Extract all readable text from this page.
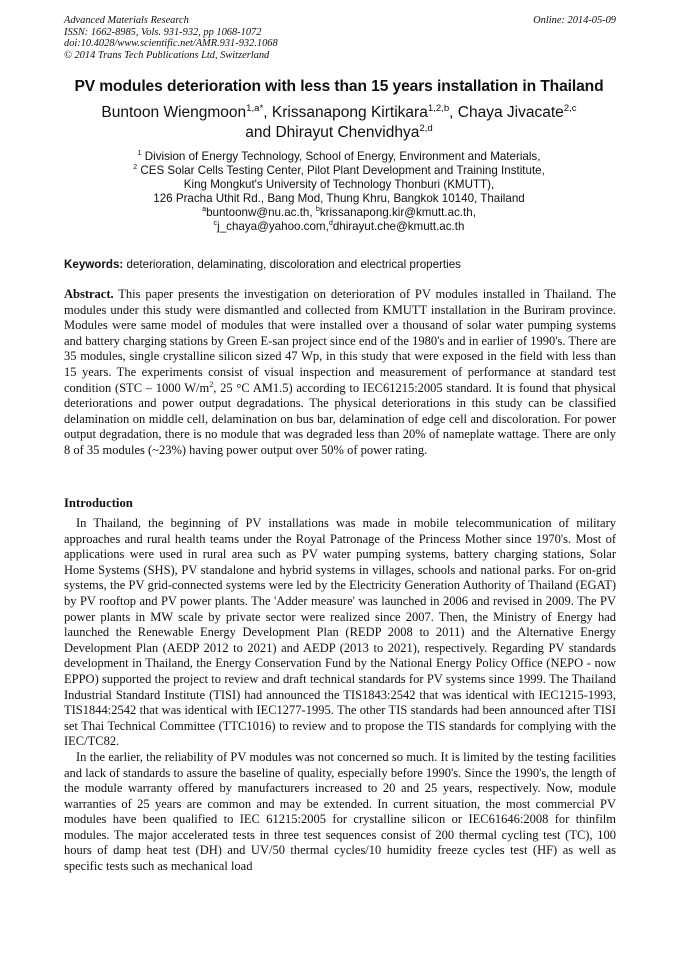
Advanced Materials Research
ISSN: 1662-8985, Vols. 931-932, pp 1068-1072
doi:10.4028/www.scientific.net/AMR.931-932.1068
© 2014 Trans Tech Publications Ltd, Switzerland
Online: 2014-05-09
PV modules deterioration with less than 15 years installation in Thailand
Buntoon Wiengmoon$^{1,a*}$, Krissanapong Kirtikara$^{1,2,b}$, Chaya Jivacate$^{2,c}$
and Dhirayut Chenvidhya$^{2,d}$
$^1$ Division of Energy Technology, School of Energy, Environment and Materials,
$^2$ CES Solar Cells Testing Center, Pilot Plant Development and Training Institute,
King Mongkut's University of Technology Thonburi (KMUTT),
126 Pracha Uthit Rd., Bang Mod, Thung Khru, Bangkok 10140, Thailand
$^a$buntoonw@nu.ac.th, $^b$krissanapong.kir@kmutt.ac.th,
$^c$j_chaya@yahoo.com,$^d$dhirayut.che@kmutt.ac.th
Keywords: deterioration, delaminating, discoloration and electrical properties
Abstract. This paper presents the investigation on deterioration of PV modules installed in Thailand. The modules under this study were dismantled and collected from KMUTT installation in the Buriram province. Modules were same model of modules that were installed over a thousand of solar water pumping systems and battery charging stations by Green E-san project since end of the 1980's and in earlier of 1990's. There are 35 modules, single crystalline silicon sized 47 Wp, in this study that were exposed in the field with less than 15 years. The experiments consist of visual inspection and measurement of performance at standard test condition (STC – 1000 $W/m^2$, 25 °C AM1.5) according to IEC61215:2005 standard. It is found that physical deteriorations and power output degradations. The physical deteriorations in this study can be classified delamination on middle cell, delamination on bus bar, delamination of edge cell and discoloration. For power output degradation, there is no module that was degraded less than 20% of nameplate wattage. There are only 8 of 35 modules (~23%) having power output over 50% of power rating.
Introduction

In Thailand, the beginning of PV installations was made in mobile telecommunication of military approaches and rural health teams under the Royal Patronage of the Princess Mother since 1970's. Most of applications were used in rural area such as PV water pumping systems, battery charging stations, Solar Home Systems (SHS), PV standalone and hybrid systems in villages, schools and national parks. For on-grid systems, the PV grid-connected systems were led by the Electricity Generation Authority of Thailand (EGAT) by PV rooftop and PV power plants. The 'Adder measure' was launched in 2006 and revised in 2009. The PV power plants in MW scale by private sector were realized since 2007. Then, the Ministry of Energy had launched the Renewable Energy Development Plan (REDP 2008 to 2011) and the Alternative Energy Development Plan (AEDP 2012 to 2021) and AEDP (2013 to 2021), respectively. Regarding PV standards development in Thailand, the Energy Conservation Fund by the National Energy Policy Office (NEPO - now EPPO) supported the project to review and draft technical standards for PV systems since 1999. The Thailand Industrial Standard Institute (TISI) had announced the TIS1843:2542 that was identical with IEC1215-1993, TIS1844:2542 that was identical with IEC1277-1995. The other TIS standards had been announced after TISI set Thai Technical Committee (TTC1016) to review and to propose the TIS standards for complying with the IEC/TC82.

In the earlier, the reliability of PV modules was not concerned so much. It is limited by the testing facilities and lack of standards to assure the baseline of quality, especially before 1990's. Since the 1990's, the length of the module warranty offered by manufacturers increased to 20 and 25 years, respectively. Now, module warranties of 25 years are common and may be extended. In current situation, the most commercial PV modules have been qualified to IEC 61215:2005 for crystalline silicon or IEC61646:2008 for thinfilm modules. The major accelerated tests in three test sequences consist of 200 thermal cycling test (TC), 100 hours of damp heat test (DH) and UV/50 thermal cycles/10 humidity freeze cycles test (HF) as well as specific tests such as mechanical load
